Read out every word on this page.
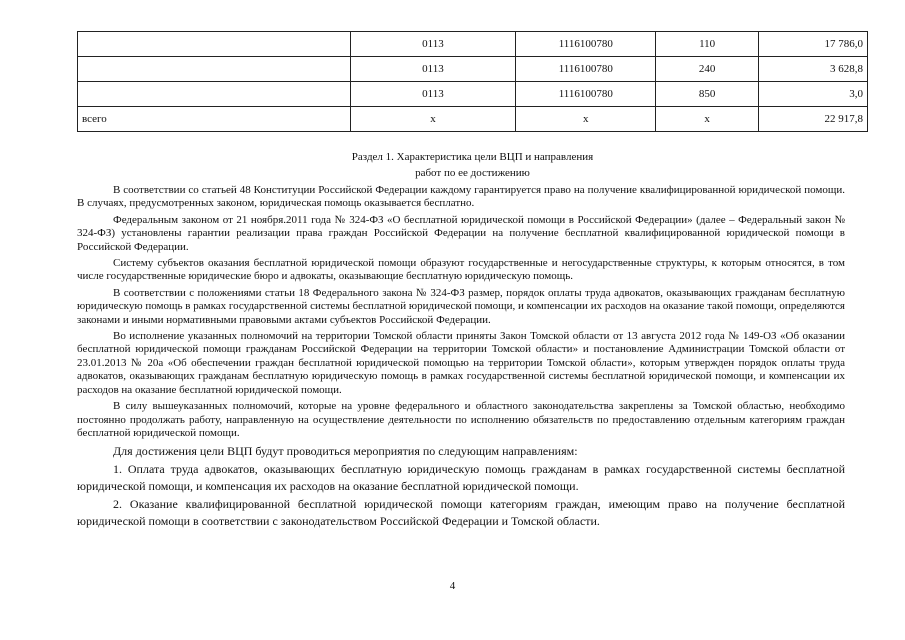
	0113	1116100780	110	17 786,0
	0113	1116100780	240	3 628,8
	0113	1116100780	850	3,0
всего	х	х	х	22 917,8
Раздел 1. Характеристика цели ВЦП и направления
работ по ее достижению

В соответствии со статьей 48 Конституции Российской Федерации каждому гарантируется право на получение квалифицированной юридической помощи. В случаях, предусмотренных законом, юридическая помощь оказывается бесплатно.

Федеральным законом от 21 ноября.2011 года № 324-ФЗ «О бесплатной юридической помощи в Российской Федерации» (далее – Федеральный закон № 324-ФЗ) установлены гарантии реализации права граждан Российской Федерации на получение бесплатной квалифицированной юридической помощи в Российской Федерации.

Систему субъектов оказания бесплатной юридической помощи образуют государственные и негосударственные структуры, к которым относятся, в том числе государственные юридические бюро и адвокаты, оказывающие бесплатную юридическую помощь.

В соответствии с положениями статьи 18 Федерального закона № 324-ФЗ размер, порядок оплаты труда адвокатов, оказывающих гражданам бесплатную юридическую помощь в рамках государственной системы бесплатной юридической помощи, и компенсации их расходов на оказание такой помощи, определяются законами и иными нормативными правовыми актами субъектов Российской Федерации.

Во исполнение указанных полномочий на территории Томской области приняты Закон Томской области от 13 августа 2012 года № 149-ОЗ «Об оказании бесплатной юридической помощи гражданам Российской Федерации на территории Томской области» и постановление Администрации Томской области от 23.01.2013 № 20а «Об обеспечении граждан бесплатной юридической помощью на территории Томской области», которым утвержден порядок оплаты труда адвокатов, оказывающих гражданам бесплатную юридическую помощь в рамках государственной системы бесплатной юридической помощи, и компенсации их расходов на оказание бесплатной юридической помощи.

В силу вышеуказанных полномочий, которые на уровне федерального и областного законодательства закреплены за Томской областью, необходимо постоянно продолжать работу, направленную на осуществление деятельности по исполнению обязательств по предоставлению отдельным категориям граждан бесплатной юридической помощи.

Для достижения цели ВЦП будут проводиться мероприятия по следующим направлениям:

1. Оплата труда адвокатов, оказывающих бесплатную юридическую помощь гражданам в рамках государственной системы бесплатной юридической помощи, и компенсация их расходов на оказание бесплатной юридической помощи.

2. Оказание квалифицированной бесплатной юридической помощи категориям граждан, имеющим право на получение бесплатной юридической помощи в соответствии с законодательством Российской Федерации и Томской области.

4
